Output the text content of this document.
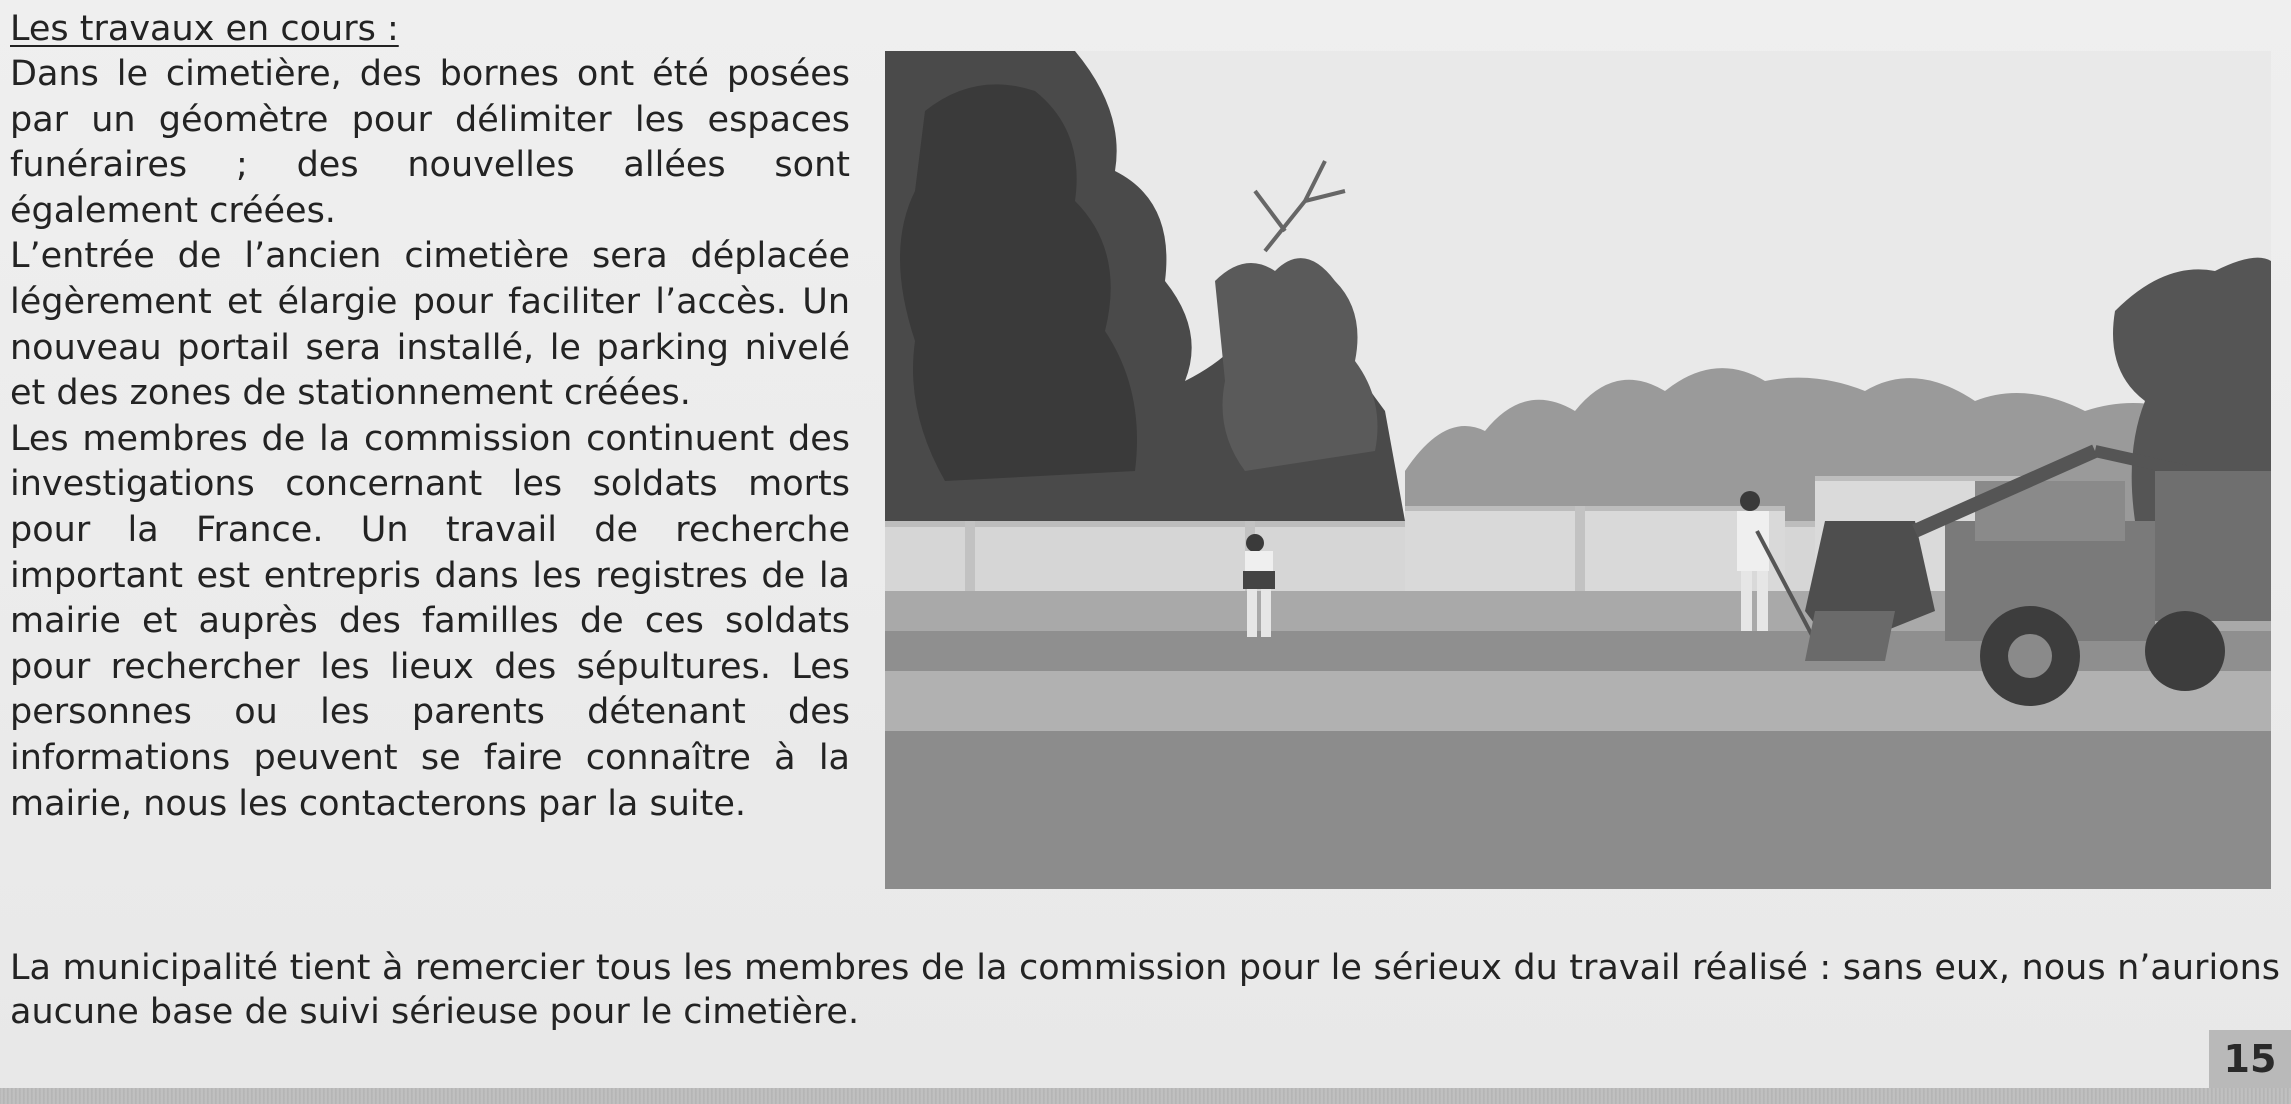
Les travaux en cours :

Dans le cimetière, des bornes ont été posées par un géomètre pour délimiter les espaces funéraires ; des nouvelles allées sont également créées.

L’entrée de l’ancien cimetière sera déplacée légèrement et élargie pour faciliter l’accès. Un nouveau portail sera installé, le parking nivelé et des zones de stationnement créées.

Les membres de la commission continuent des investigations concernant les soldats morts pour la France. Un travail de recherche important est entrepris dans les registres de la mairie et auprès des familles de ces soldats pour rechercher les lieux des sépultures. Les personnes ou les parents détenant des informations peuvent se faire connaître à la mairie, nous les contacterons par la suite.

La municipalité tient à remercier tous les membres de la commission pour le sérieux du travail réalisé : sans eux, nous n’aurions aucune base de suivi sérieuse pour le cimetière.

15
